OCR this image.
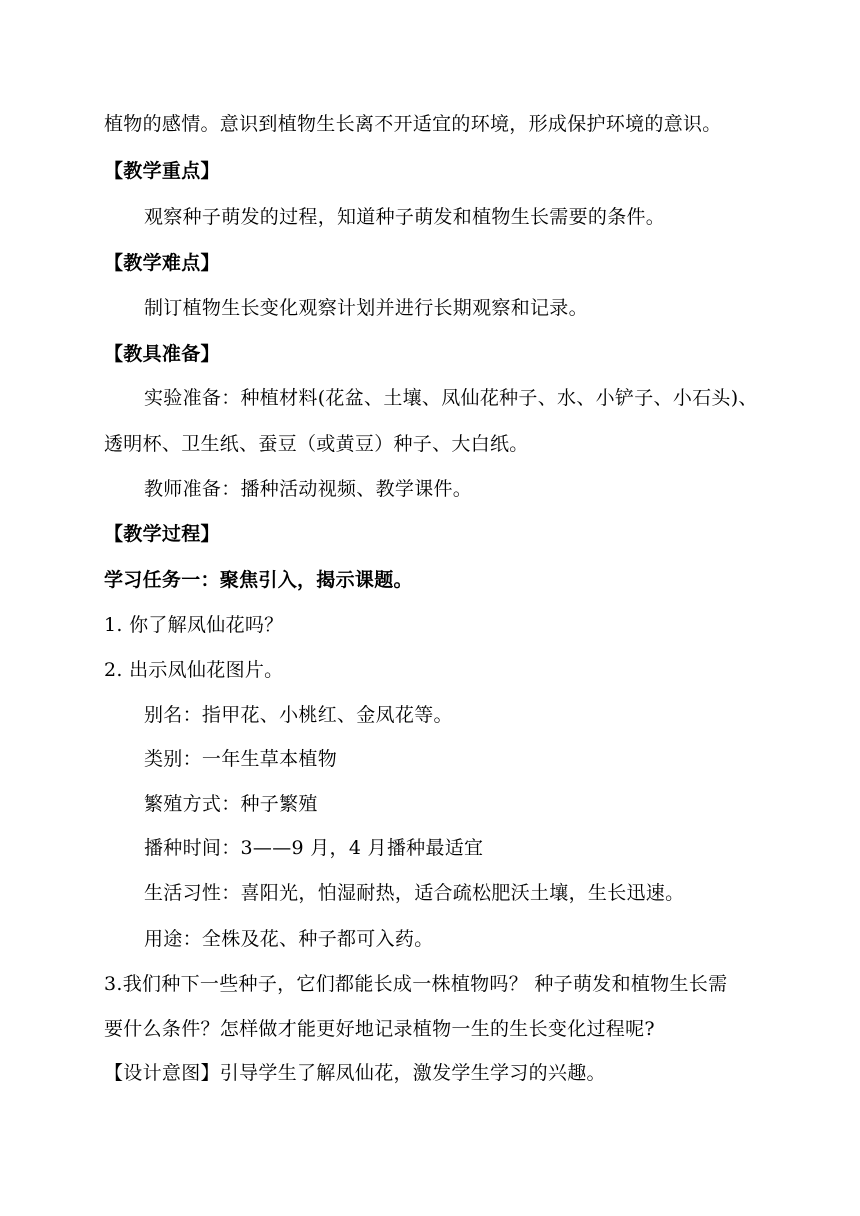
植物的感情。意识到植物生长离不开适宜的环境，形成保护环境的意识。
【教学重点】
观察种子萌发的过程，知道种子萌发和植物生长需要的条件。
【教学难点】
制订植物生长变化观察计划并进行长期观察和记录。
【教具准备】
实验准备：种植材料(花盆、土壤、凤仙花种子、水、小铲子、小石头)、
透明杯、卫生纸、蚕豆（或黄豆）种子、大白纸。
教师准备：播种活动视频、教学课件。
【教学过程】
学习任务一：聚焦引入，揭示课题。
1. 你了解凤仙花吗？
2. 出示凤仙花图片。
别名：指甲花、小桃红、金凤花等。
类别：一年生草本植物
繁殖方式：种子繁殖
播种时间：3——9 月，4 月播种最适宜
生活习性：喜阳光，怕湿耐热，适合疏松肥沃土壤，生长迅速。
用途：全株及花、种子都可入药。
3.我们种下一些种子，它们都能长成一株植物吗？ 种子萌发和植物生长需
要什么条件？怎样做才能更好地记录植物一生的生长变化过程呢?
【设计意图】引导学生了解凤仙花，激发学生学习的兴趣。
